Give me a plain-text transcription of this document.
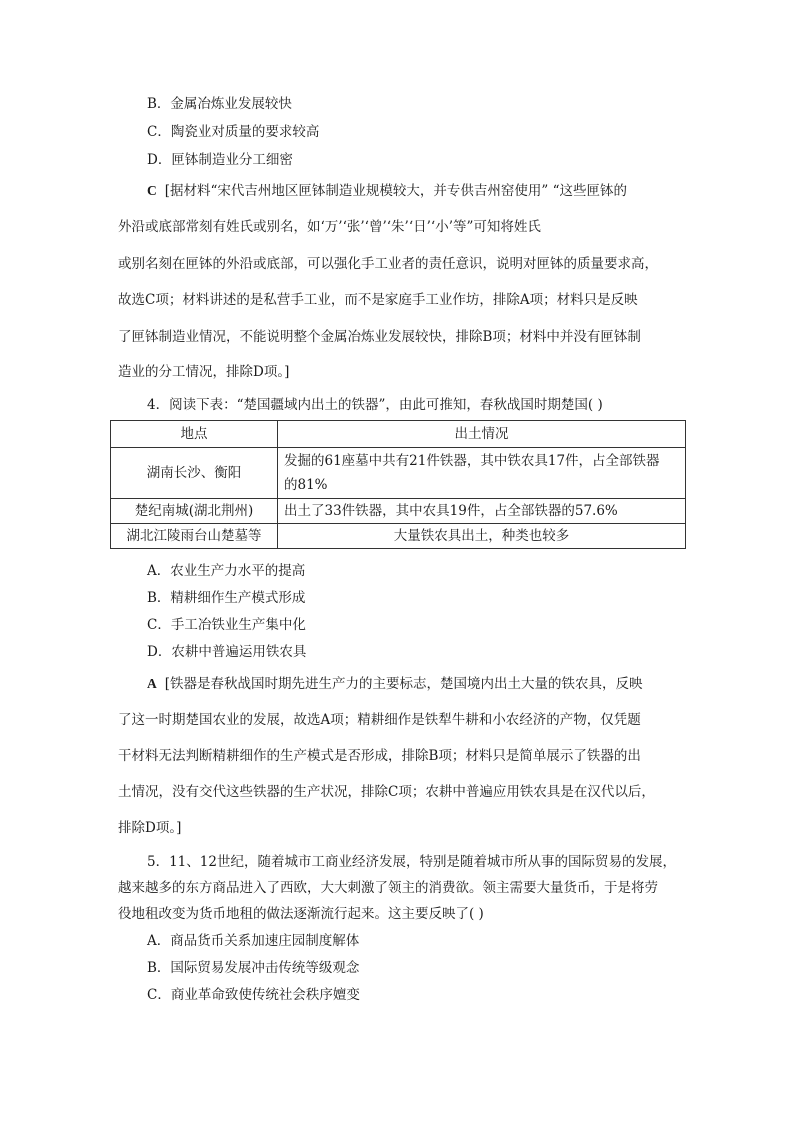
B．金属冶炼业发展较快
C．陶瓷业对质量的要求较高
D．匣钵制造业分工细密
C [据材料“宋代吉州地区匣钵制造业规模较大，并专供吉州窑使用” “这些匣钵的
外沿或底部常刻有姓氏或别名，如‘万’‘张’‘曾’‘朱’‘日’‘小’等”可知将姓氏
或别名刻在匣钵的外沿或底部，可以强化手工业者的责任意识，说明对匣钵的质量要求高，
故选C项；材料讲述的是私营手工业，而不是家庭手工业作坊，排除A项；材料只是反映
了匣钵制造业情况，不能说明整个金属冶炼业发展较快，排除B项；材料中并没有匣钵制
造业的分工情况，排除D项。]
4．阅读下表：“楚国疆域内出土的铁器”，由此可推知，春秋战国时期楚国( )
地点	出土情况
湖南长沙、衡阳	发掘的61座墓中共有21件铁器，其中铁农具17件，占全部铁器
的81%

楚纪南城(湖北荆州)	出土了33件铁器，其中农具19件，占全部铁器的57.6%
湖北江陵雨台山楚墓等	大量铁农具出土，种类也较多
A．农业生产力水平的提高
B．精耕细作生产模式形成
C．手工冶铁业生产集中化
D．农耕中普遍运用铁农具
A [铁器是春秋战国时期先进生产力的主要标志，楚国境内出土大量的铁农具，反映
了这一时期楚国农业的发展，故选A项；精耕细作是铁犁牛耕和小农经济的产物，仅凭题
干材料无法判断精耕细作的生产模式是否形成，排除B项；材料只是简单展示了铁器的出
土情况，没有交代这些铁器的生产状况，排除C项；农耕中普遍应用铁农具是在汉代以后，
排除D项。]
5．11、12世纪，随着城市工商业经济发展，特别是随着城市所从事的国际贸易的发展，
越来越多的东方商品进入了西欧，大大刺激了领主的消费欲。领主需要大量货币，于是将劳
役地租改变为货币地租的做法逐渐流行起来。这主要反映了( )
A．商品货币关系加速庄园制度解体
B．国际贸易发展冲击传统等级观念
C．商业革命致使传统社会秩序嬗变
